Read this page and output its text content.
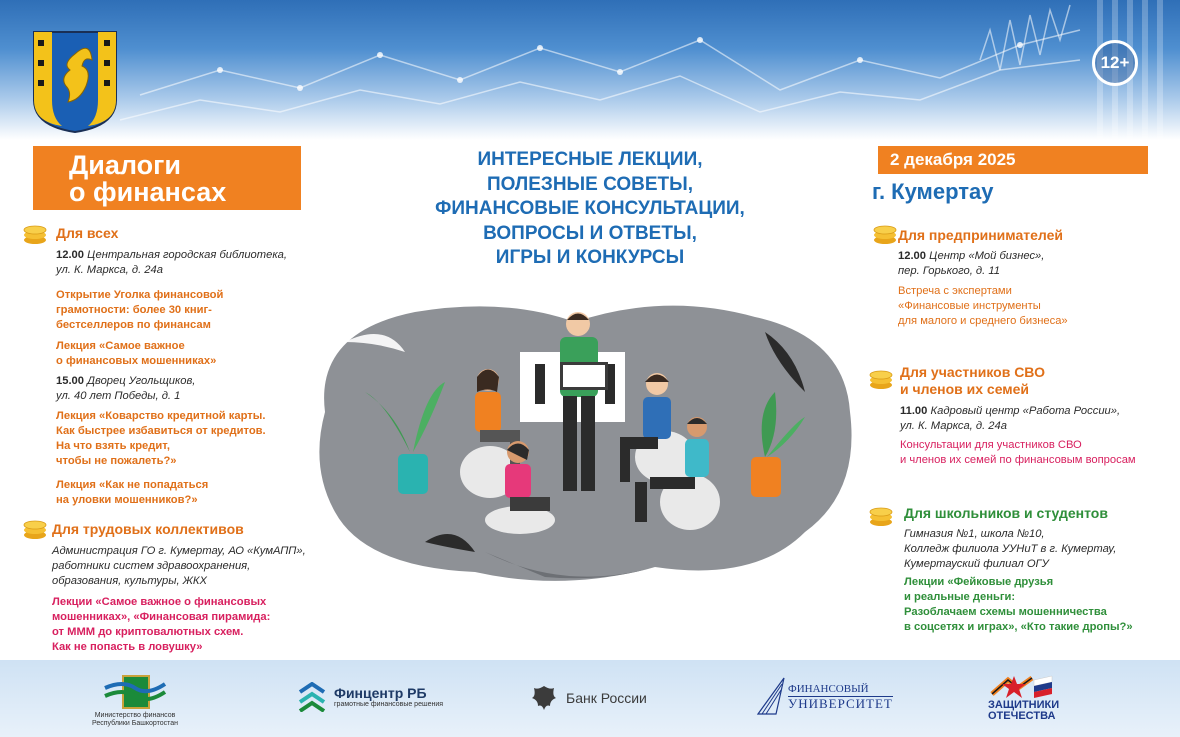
12+
Диалоги
о финансах
ИНТЕРЕСНЫЕ ЛЕКЦИИ,
ПОЛЕЗНЫЕ СОВЕТЫ,
ФИНАНСОВЫЕ КОНСУЛЬТАЦИИ,
ВОПРОСЫ И ОТВЕТЫ,
ИГРЫ И КОНКУРСЫ
2 декабря 2025
г. Кумертау
Для всех
12.00 Центральная городская библиотека,
ул. К. Маркса, д. 24а
Открытие Уголка финансовой
грамотности: более 30 книг-
бестселлеров по финансам
Лекция «Самое важное
о финансовых мошенниках»
15.00 Дворец Угольщиков,
ул. 40 лет Победы, д. 1
Лекция «Коварство кредитной карты.
Как быстрее избавиться от кредитов.
На что взять кредит,
чтобы не пожалеть?»
Лекция «Как не попадаться
на уловки мошенников?»
Для трудовых коллективов
Администрация ГО г. Кумертау, АО «КумАПП»,
работники систем здравоохранения,
образования, культуры, ЖКХ
Лекции «Самое важное о финансовых
мошенниках», «Финансовая пирамида:
от МММ до криптовалютных схем.
Как не попасть в ловушку»
Для предпринимателей
12.00 Центр «Мой бизнес»,
пер. Горького, д. 11
Встреча с экспертами
«Финансовые инструменты
для малого и среднего бизнеса»
Для участников СВО
и членов их семей
11.00 Кадровый центр «Работа России»,
ул. К. Маркса, д. 24а
Консультации для участников СВО
и членов их семей по финансовым вопросам
Для школьников и студентов
Гимназия №1, школа №10,
Колледж филиола УУНиТ в г. Кумертау,
Кумертауский филиал ОГУ
Лекции «Фейковые друзья
и реальные деньги:
Разоблачаем схемы мошенничества
в соцсетях и играх», «Кто такие дропы?»
Министерство финансов
Республики Башкортостан
Финцентр РБ
грамотные финансовые решения	Банк России
ФИНАНСОВЫЙ
УНИВЕРСИТЕТ	ЗАЩИТНИКИ
ОТЕЧЕСТВА
